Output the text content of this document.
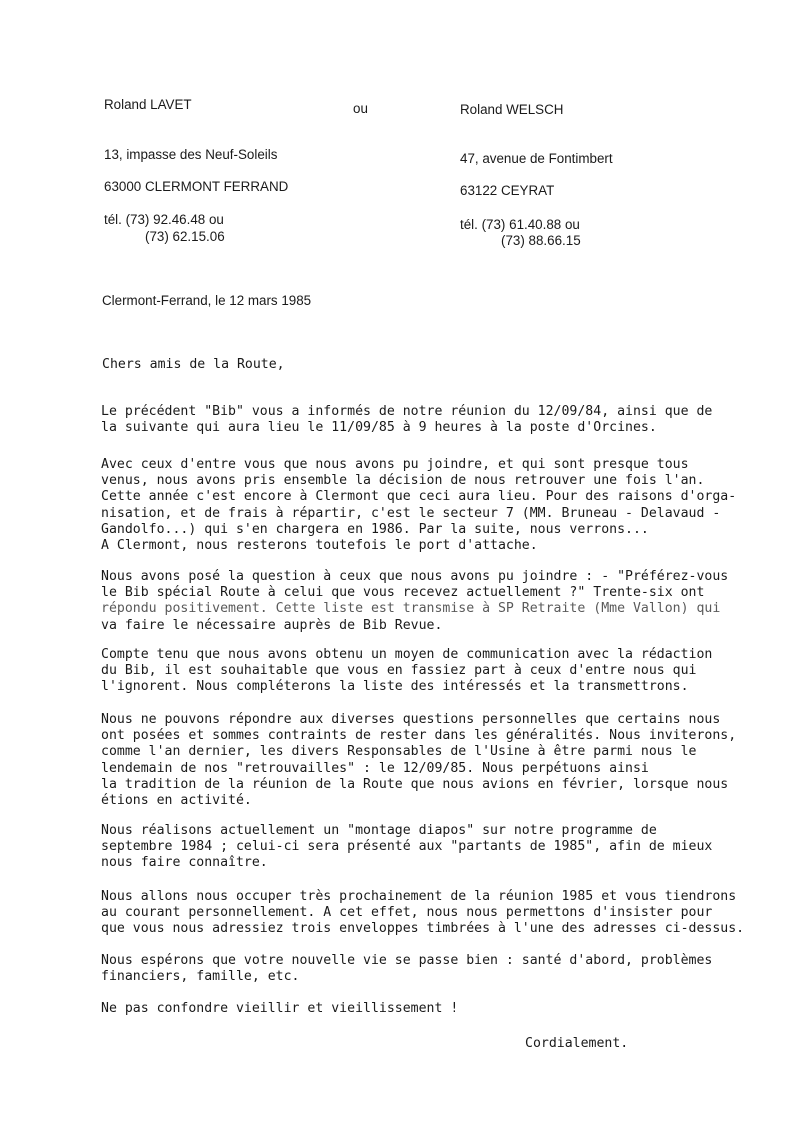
Roland LAVET	ou	Roland WELSCH
13, impasse des Neuf-Soleils
63000 CLERMONT FERRAND
tél. (73) 92.46.48 ou
(73) 62.15.06
47, avenue de Fontimbert
63122 CEYRAT
tél. (73) 61.40.88 ou
(73) 88.66.15
Clermont-Ferrand, le 12 mars 1985
Chers amis de la Route,
Le précédent "Bib" vous a informés de notre réunion du 12/09/84, ainsi que de
la suivante qui aura lieu le 11/09/85 à 9 heures à la poste d'Orcines.
Avec ceux d'entre vous que nous avons pu joindre, et qui sont presque tous
venus, nous avons pris ensemble la décision de nous retrouver une fois l'an.
Cette année c'est encore à Clermont que ceci aura lieu. Pour des raisons d'orga-
nisation, et de frais à répartir, c'est le secteur 7 (MM. Bruneau - Delavaud -
Gandolfo...) qui s'en chargera en 1986. Par la suite, nous verrons...
A Clermont, nous resterons toutefois le port d'attache.
Nous avons posé la question à ceux que nous avons pu joindre : - "Préférez-vous
le Bib spécial Route à celui que vous recevez actuellement ?" Trente-six ont
répondu positivement. Cette liste est transmise à SP Retraite (Mme Vallon) qui
va faire le nécessaire auprès de Bib Revue.
Compte tenu que nous avons obtenu un moyen de communication avec la rédaction
du Bib, il est souhaitable que vous en fassiez part à ceux d'entre nous qui
l'ignorent. Nous compléterons la liste des intéressés et la transmettrons.
Nous ne pouvons répondre aux diverses questions personnelles que certains nous
ont posées et sommes contraints de rester dans les généralités. Nous inviterons,
comme l'an dernier, les divers Responsables de l'Usine à être parmi nous le
lendemain de nos "retrouvailles" : le 12/09/85. Nous perpétuons ainsi
la tradition de la réunion de la Route que nous avions en février, lorsque nous
étions en activité.
Nous réalisons actuellement un "montage diapos" sur notre programme de
septembre 1984 ; celui-ci sera présenté aux "partants de 1985", afin de mieux
nous faire connaître.
Nous allons nous occuper très prochainement de la réunion 1985 et vous tiendrons
au courant personnellement. A cet effet, nous nous permettons d'insister pour
que vous nous adressiez trois enveloppes timbrées à l'une des adresses ci-dessus.
Nous espérons que votre nouvelle vie se passe bien : santé d'abord, problèmes
financiers, famille, etc.
Ne pas confondre vieillir et vieillissement !
Cordialement.
